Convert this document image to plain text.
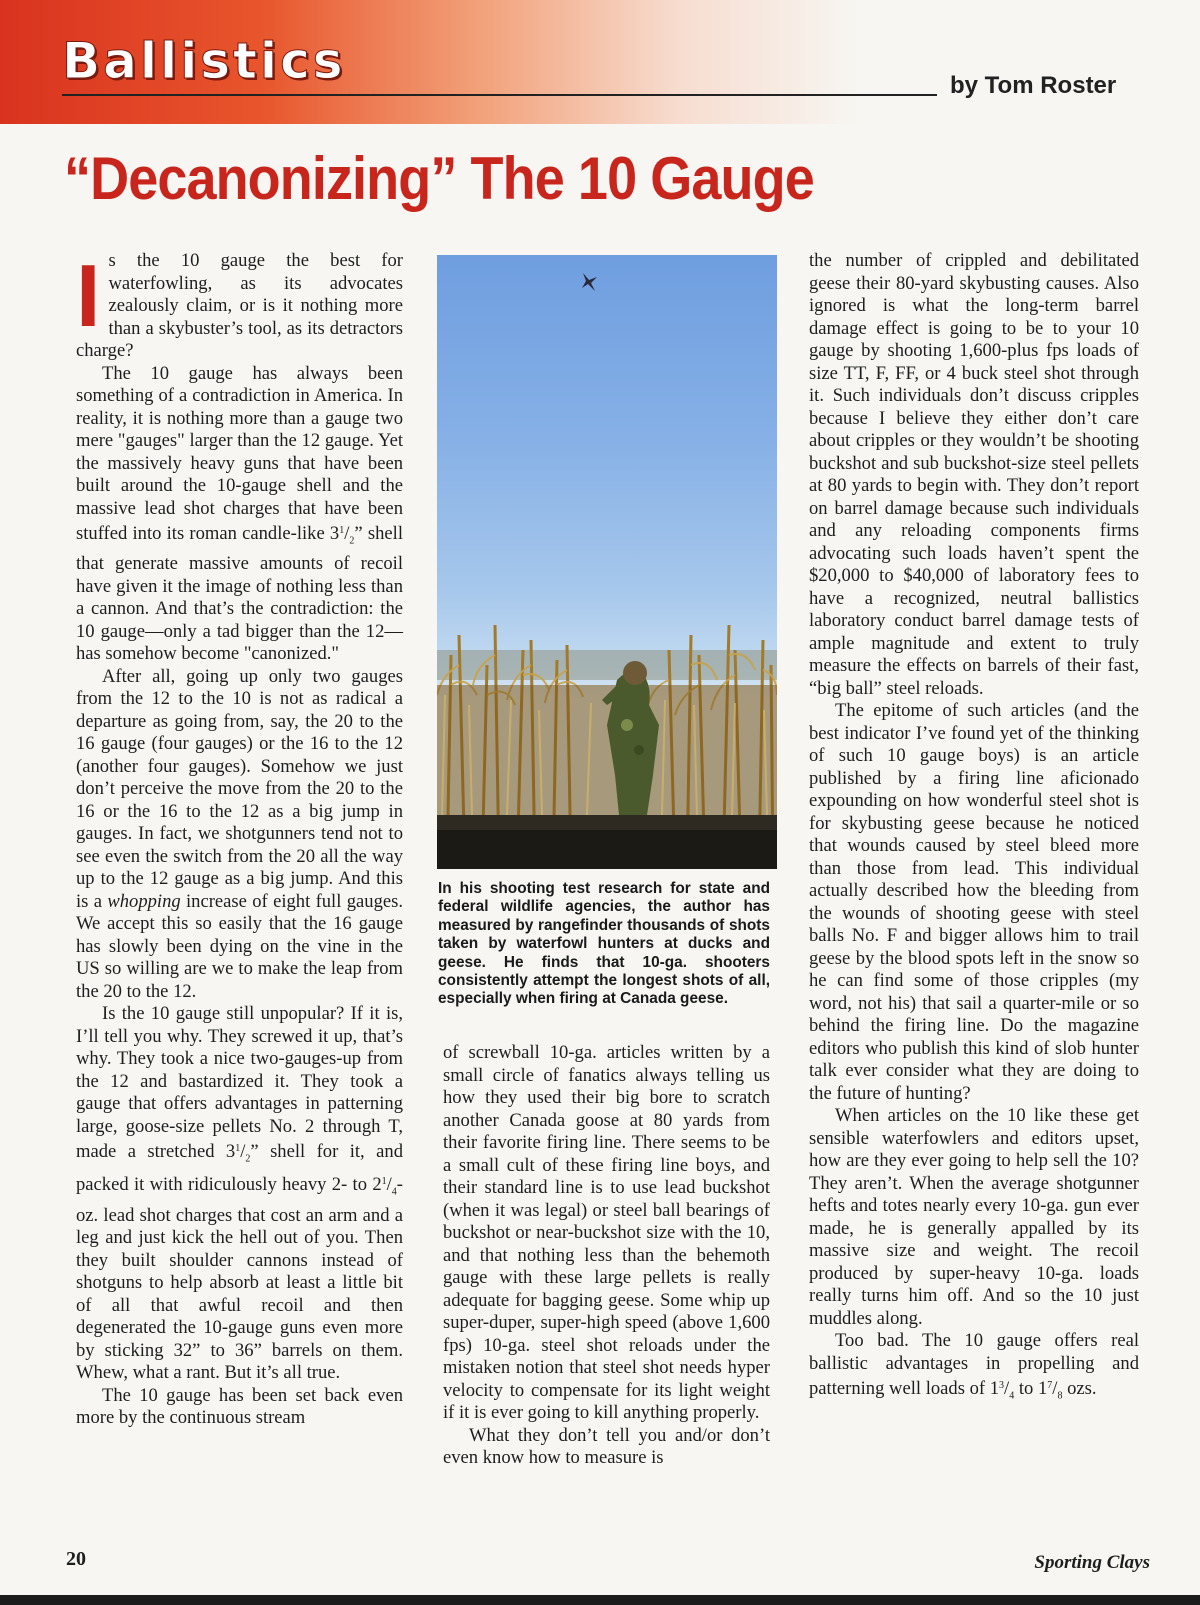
Ballistics	by Tom Roster
“Decanonizing” The 10 Gauge

Is the 10 gauge the best for waterfowling, as its advocates zealously claim, or is it nothing more than a skybuster’s tool, as its detractors charge?

The 10 gauge has always been something of a contradiction in America. In reality, it is nothing more than a gauge two mere "gauges" larger than the 12 gauge. Yet the massively heavy guns that have been built around the 10-gauge shell and the massive lead shot charges that have been stuffed into its roman candle-like $3^1/_2$” shell that generate massive amounts of recoil have given it the image of nothing less than a cannon. And that’s the contradiction: the 10 gauge—only a tad bigger than the 12—has somehow become "canonized."

After all, going up only two gauges from the 12 to the 10 is not as radical a departure as going from, say, the 20 to the 16 gauge (four gauges) or the 16 to the 12 (another four gauges). Somehow we just don’t perceive the move from the 20 to the 16 or the 16 to the 12 as a big jump in gauges. In fact, we shotgunners tend not to see even the switch from the 20 all the way up to the 12 gauge as a big jump. And this is a whopping increase of eight full gauges. We accept this so easily that the 16 gauge has slowly been dying on the vine in the US so willing are we to make the leap from the 20 to the 12.

Is the 10 gauge still unpopular? If it is, I’ll tell you why. They screwed it up, that’s why. They took a nice two-gauges-up from the 12 and bastardized it. They took a gauge that offers advantages in patterning large, goose-size pellets No. 2 through T, made a stretched $3^1/_2$” shell for it, and packed it with ridiculously heavy 2- to $2^1/_4-oz$. lead shot charges that cost an arm and a leg and just kick the hell out of you. Then they built shoulder cannons instead of shotguns to help absorb at least a little bit of all that awful recoil and then degenerated the 10-gauge guns even more by sticking 32” to 36” barrels on them. Whew, what a rant. But it’s all true.

The 10 gauge has been set back even more by the continuous stream

In his shooting test research for state and federal wildlife agencies, the author has measured by rangefinder thousands of shots taken by waterfowl hunters at ducks and geese. He finds that 10-ga. shooters consistently attempt the longest shots of all, especially when firing at Canada geese.

of screwball 10-ga. articles written by a small circle of fanatics always telling us how they used their big bore to scratch another Canada goose at 80 yards from their favorite firing line. There seems to be a small cult of these firing line boys, and their standard line is to use lead buckshot (when it was legal) or steel ball bearings of buckshot or near-buckshot size with the 10, and that nothing less than the behemoth gauge with these large pellets is really adequate for bagging geese. Some whip up super-duper, super-high speed (above 1,600 fps) 10-ga. steel shot reloads under the mistaken notion that steel shot needs hyper velocity to compensate for its light weight if it is ever going to kill anything properly.

What they don’t tell you and/or don’t even know how to measure is

the number of crippled and debilitated geese their 80-yard skybusting causes. Also ignored is what the long-term barrel damage effect is going to be to your 10 gauge by shooting 1,600-plus fps loads of size TT, F, FF, or 4 buck steel shot through it. Such individuals don’t discuss cripples because I believe they either don’t care about cripples or they wouldn’t be shooting buckshot and sub buckshot-size steel pellets at 80 yards to begin with. They don’t report on barrel damage because such individuals and any reloading components firms advocating such loads haven’t spent the $20,000 to $40,000 of laboratory fees to have a recognized, neutral ballistics laboratory conduct barrel damage tests of ample magnitude and extent to truly measure the effects on barrels of their fast, “big ball” steel reloads.

The epitome of such articles (and the best indicator I’ve found yet of the thinking of such 10 gauge boys) is an article published by a firing line aficionado expounding on how wonderful steel shot is for skybusting geese because he noticed that wounds caused by steel bleed more than those from lead. This individual actually described how the bleeding from the wounds of shooting geese with steel balls No. F and bigger allows him to trail geese by the blood spots left in the snow so he can find some of those cripples (my word, not his) that sail a quarter-mile or so behind the firing line. Do the magazine editors who publish this kind of slob hunter talk ever consider what they are doing to the future of hunting?

When articles on the 10 like these get sensible waterfowlers and editors upset, how are they ever going to help sell the 10? They aren’t. When the average shotgunner hefts and totes nearly every 10-ga. gun ever made, he is generally appalled by its massive size and weight. The recoil produced by super-heavy 10-ga. loads really turns him off. And so the 10 just muddles along.

Too bad. The 10 gauge offers real ballistic advantages in propelling and patterning well loads of $1^3/_4$ to $1^7/_8$ ozs.

20	Sporting Clays
